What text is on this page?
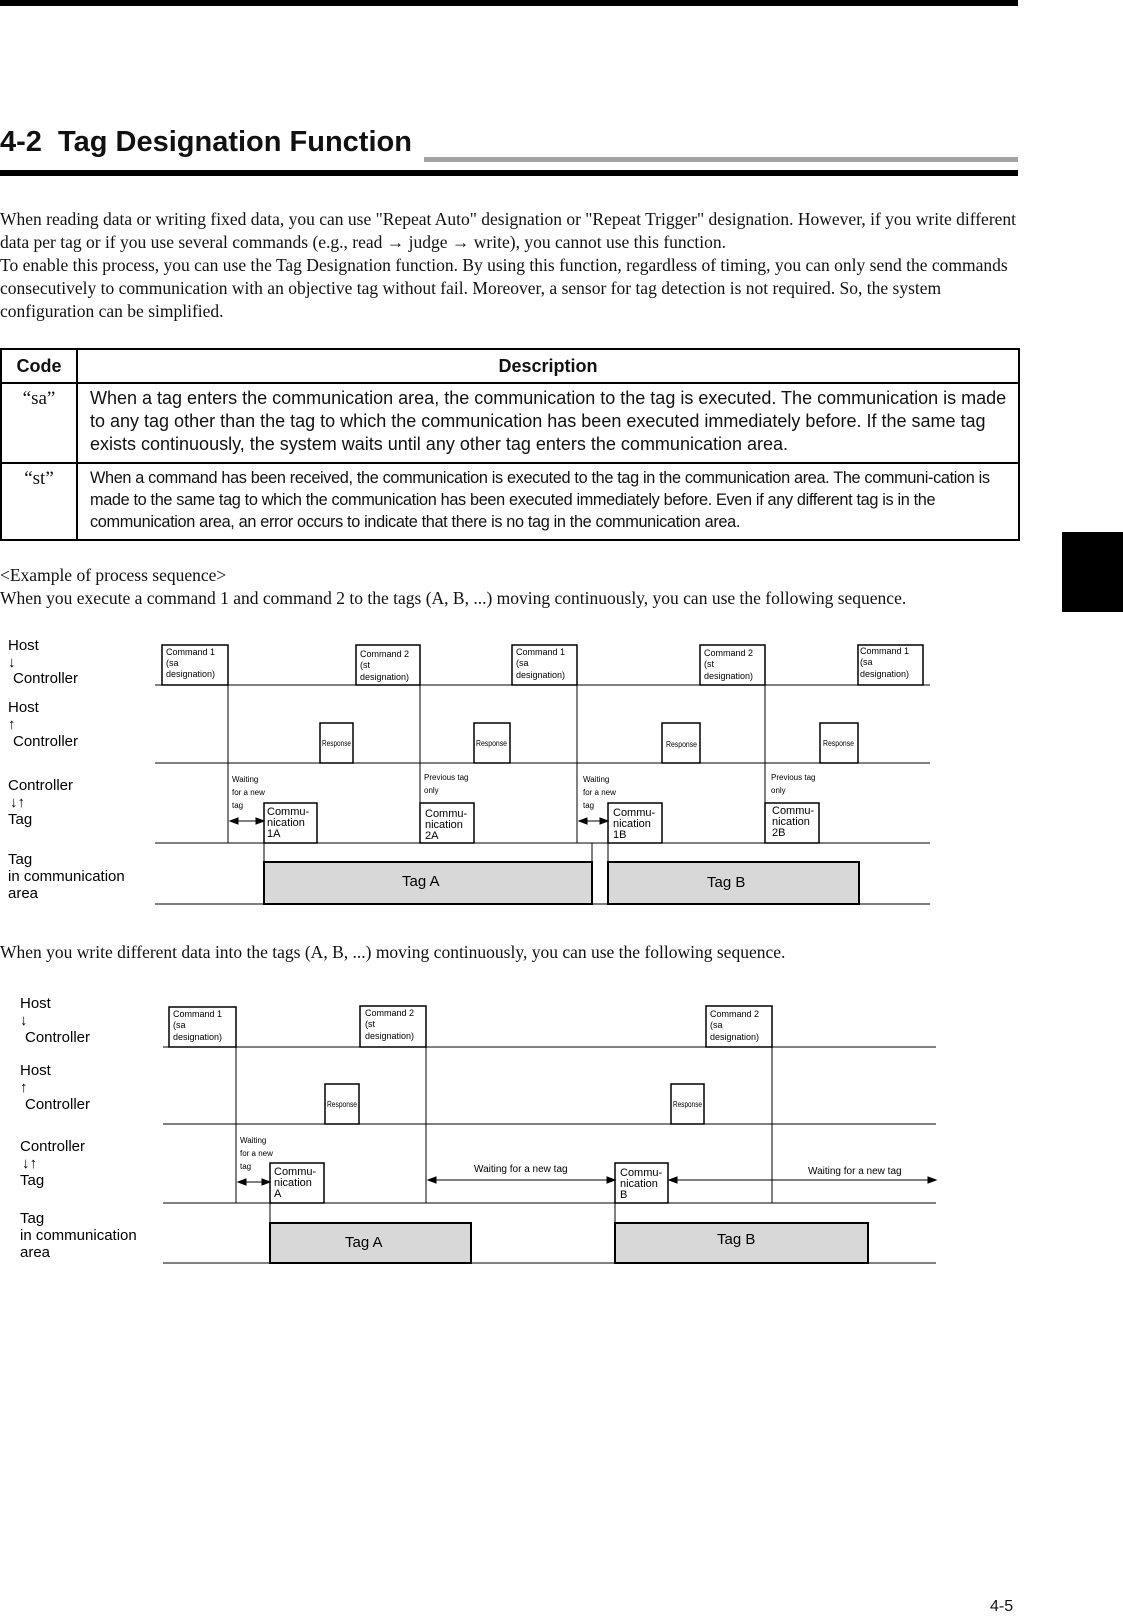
4-2 Tag Designation Function

When reading data or writing fixed data, you can use "Repeat Auto" designation or "Repeat Trigger" designation. However, if you write different data per tag or if you use several commands (e.g., read → judge → write), you cannot use this function.

To enable this process, you can use the Tag Designation function. By using this function, regardless of timing, you can only send the commands consecutively to communication with an objective tag without fail. Moreover, a sensor for tag detection is not required. So, the system configuration can be simplified.

Code	Description
“sa”	When a tag enters the communication area, the communication to the tag is executed. The communication is made to any tag other than the tag to which the communication has been executed immediately before. If the same tag exists continuously, the system waits until any other tag enters the communication area.
“st”	When a command has been received, the communication is executed to the tag in the communication area. The communi-cation is made to the same tag to which the communication has been executed immediately before. Even if any different tag is in the communication area, an error occurs to indicate that there is no tag in the communication area.

<Example of process sequence>

When you execute a command 1 and command 2 to the tags (A, B, ...) moving continuously, you can use the following sequence.

Host
↓
Controller
Host
↑
Controller
Controller
↓↑
Tag
Tag
in communication
area
Command 1
(sa
designation)
Command 2
(st
designation)
Command 1
(sa
designation)
Command 2
(st
designation)
Command 1
(sa
designation)
Response	Response	Response	Response
Waiting
for a new
tag
Previous tag
only
Waiting
for a new
tag
Previous tag
only
Commu-
nication
1A
Commu-
nication
2A
Commu-
nication
1B
Commu-
nication
2B
Tag A	Tag B
When you write different data into the tags (A, B, ...) moving continuously, you can use the following sequence.
Host
↓
Controller
Host
↑
Controller
Controller
↓↑
Tag
Tag
in communication
area
Command 1
(sa
designation)
Command 2
(st
designation)
Command 2
(sa
designation)
Response	Response
Waiting
for a new
tag	Waiting for a new tag	Waiting for a new tag
Commu-
nication
A
Commu-
nication
B
Tag A	Tag B
4-5
